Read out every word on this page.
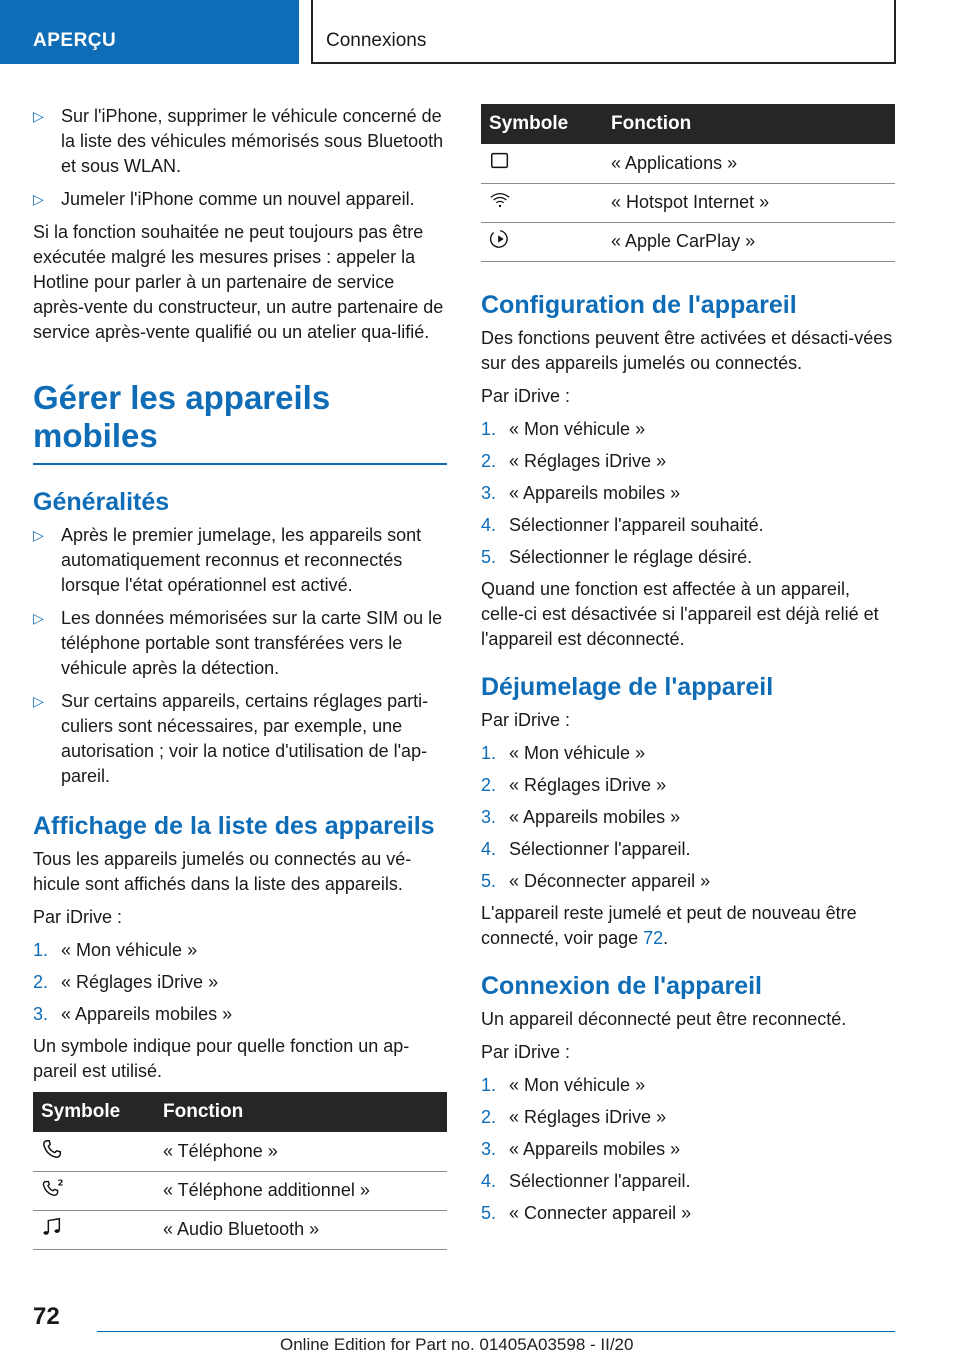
APERÇU	Connexions
▷ Sur l'iPhone, supprimer le véhicule concerné de la liste des véhicules mémorisés sous Bluetooth et sous WLAN.
▷ Jumeler l'iPhone comme un nouvel appareil.

Si la fonction souhaitée ne peut toujours pas être exécutée malgré les mesures prises : appeler la Hotline pour parler à un partenaire de service après-vente du constructeur, un autre partenaire de service après-vente qualifié ou un atelier qua-lifié.

Gérer les appareils mobiles
Généralités
▷ Après le premier jumelage, les appareils sont automatiquement reconnus et reconnectés lorsque l'état opérationnel est activé.
▷ Les données mémorisées sur la carte SIM ou le téléphone portable sont transférées vers le véhicule après la détection.
▷ Sur certains appareils, certains réglages parti-culiers sont nécessaires, par exemple, une autorisation ; voir la notice d'utilisation de l'ap-pareil.
Affichage de la liste des appareils

Tous les appareils jumelés ou connectés au vé-hicule sont affichés dans la liste des appareils.

Par iDrive :

1. « Mon véhicule »
2. « Réglages iDrive »
3. « Appareils mobiles »

Un symbole indique pour quelle fonction un ap-pareil est utilisé.

Symbole	Fonction
	« Téléphone »

2	« Téléphone additionnel »
	« Audio Bluetooth »
Symbole	Fonction
	« Applications »
	« Hotspot Internet »
	« Apple CarPlay »
Configuration de l'appareil

Des fonctions peuvent être activées et désacti-vées sur des appareils jumelés ou connectés.

Par iDrive :

1. « Mon véhicule »
2. « Réglages iDrive »
3. « Appareils mobiles »
4. Sélectionner l'appareil souhaité.
5. Sélectionner le réglage désiré.

Quand une fonction est affectée à un appareil, celle-ci est désactivée si l'appareil est déjà relié et l'appareil est déconnecté.

Déjumelage de l'appareil

Par iDrive :

1. « Mon véhicule »
2. « Réglages iDrive »
3. « Appareils mobiles »
4. Sélectionner l'appareil.
5. « Déconnecter appareil »

L'appareil reste jumelé et peut de nouveau être connecté, voir page 72.

Connexion de l'appareil

Un appareil déconnecté peut être reconnecté.

Par iDrive :

1. « Mon véhicule »
2. « Réglages iDrive »
3. « Appareils mobiles »
4. Sélectionner l'appareil.
5. « Connecter appareil »
72
Online Edition for Part no. 01405A03598 - II/20
